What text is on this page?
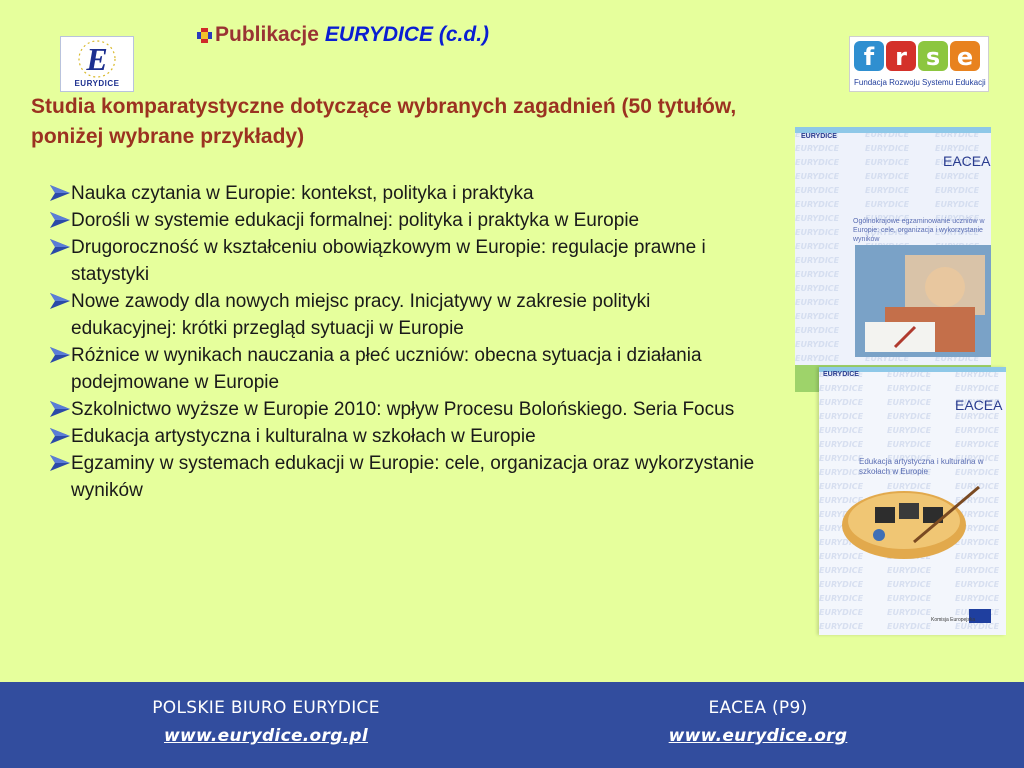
Publikacje EURYDICE (c.d.)
E
EURYDICE
f r s e
Fundacja Rozwoju Systemu Edukacji
Studia komparatystyczne dotyczące wybranych zagadnień (50 tytułów, poniżej wybrane przykłady)
Nauka czytania w Europie: kontekst, polityka i praktyka
Dorośli w systemie edukacji formalnej: polityka i praktyka w Europie
Drugoroczność w kształceniu obowiązkowym w Europie: regulacje prawne i statystyki
Nowe zawody dla nowych miejsc pracy. Inicjatywy w zakresie polityki edukacyjnej: krótki przegląd sytuacji w Europie
Różnice w wynikach nauczania a płeć uczniów: obecna sytuacja i działania podejmowane w Europie
Szkolnictwo wyższe w Europie 2010: wpływ Procesu Bolońskiego. Seria Focus
Edukacja artystyczna i kulturalna w szkołach w Europie
Egzaminy w systemach edukacji w Europie: cele, organizacja oraz wykorzystanie wyników
EURYDICE
EACEA
Ogólnokrajowe egzaminowanie uczniów w Europie: cele, organizacja i wykorzystanie wyników
EURYDICE
EACEA
Edukacja artystyczna i kulturalna w szkołach w Europie
Komisja Europejska
POLSKIE BIURO EURYDICE
www.eurydice.org.pl
EACEA (P9)
www.eurydice.org
